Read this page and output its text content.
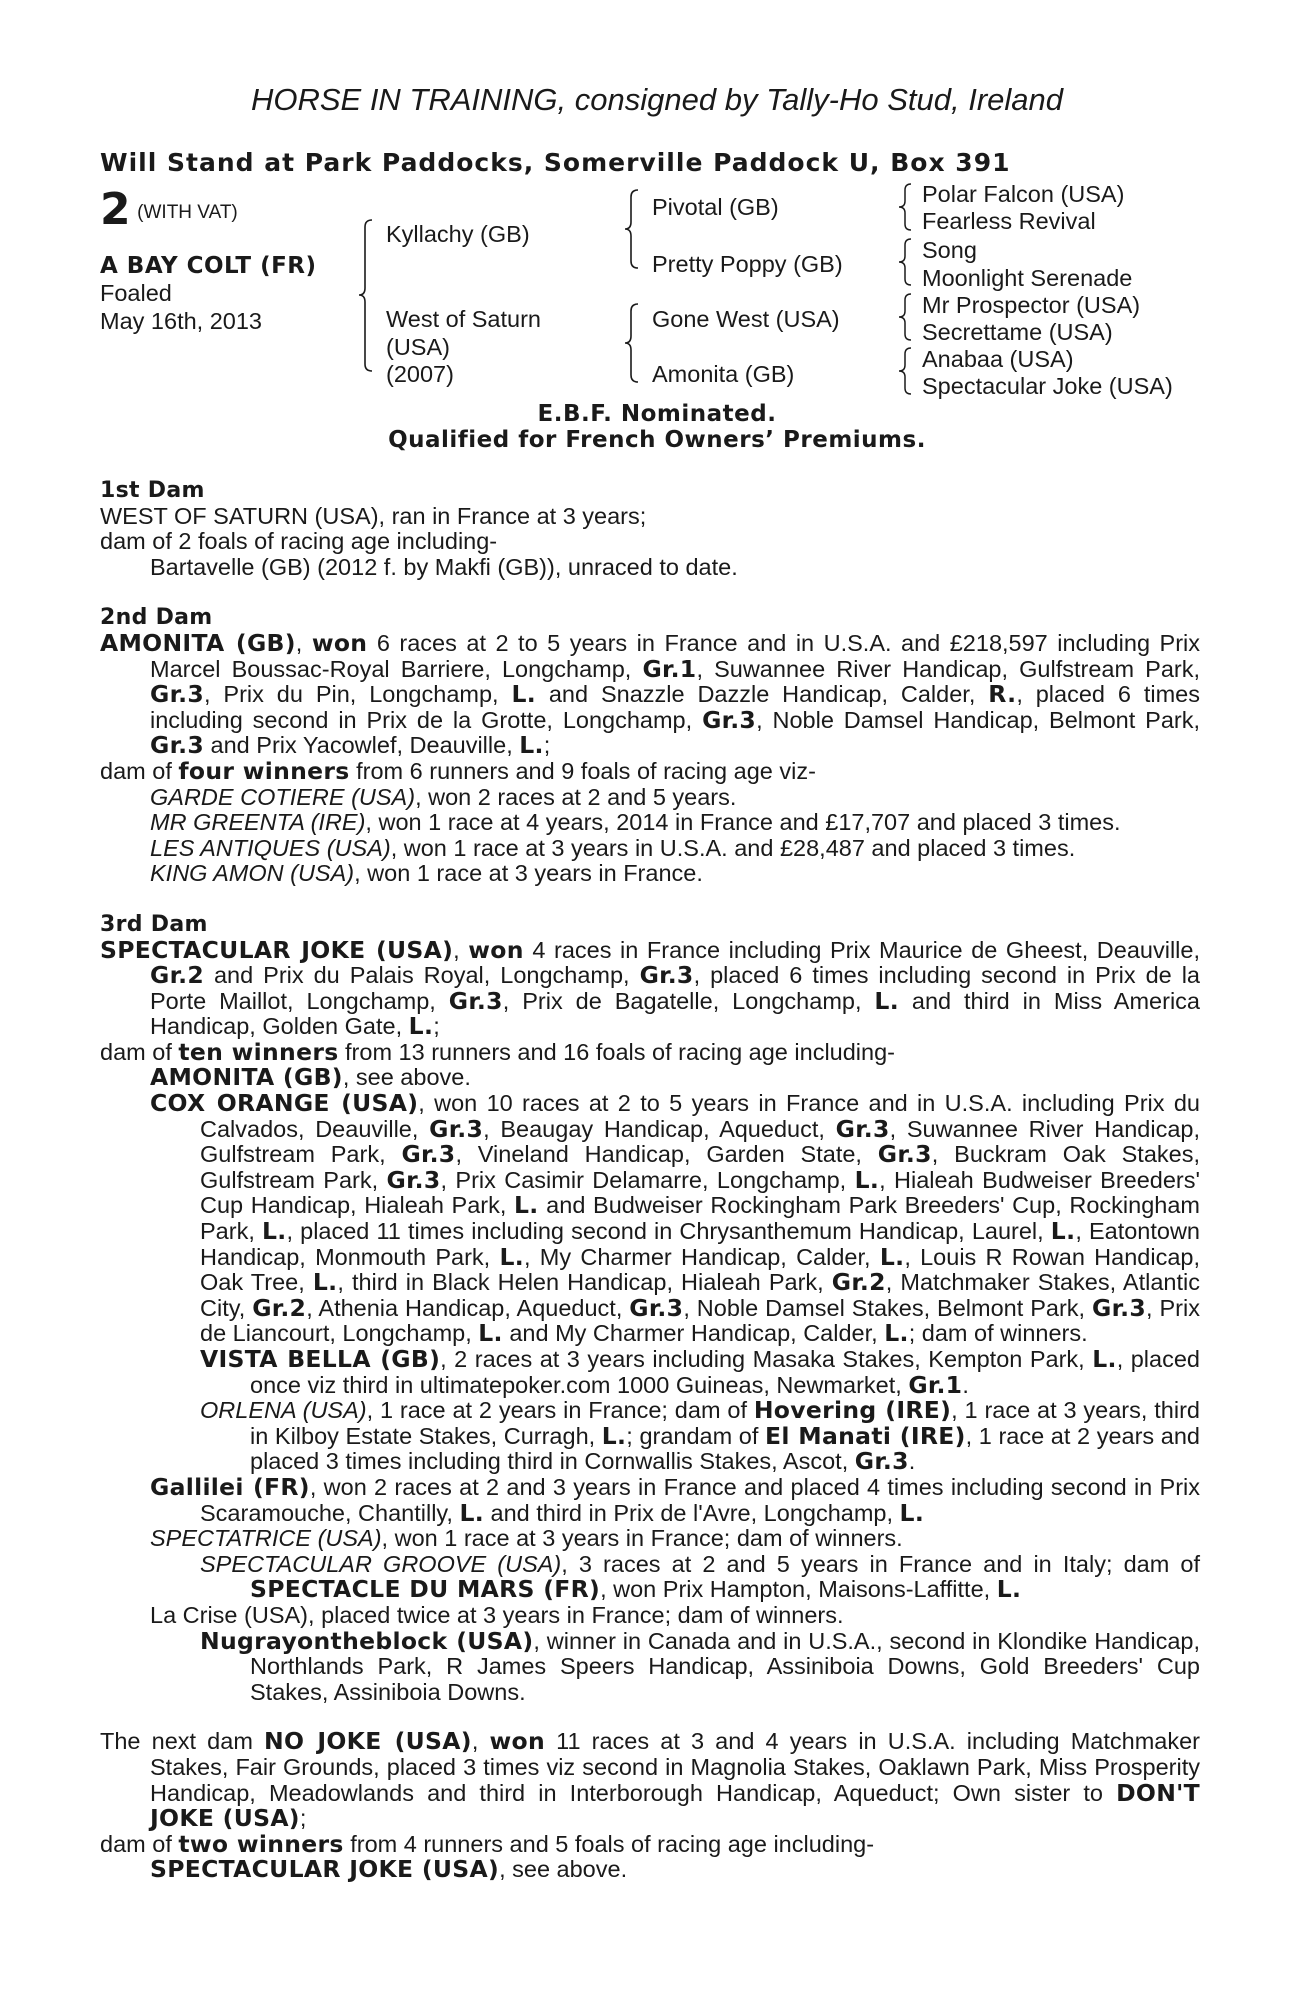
HORSE IN TRAINING, consigned by Tally-Ho Stud, Ireland
Will Stand at Park Paddocks, Somerville Paddock U, Box 391
2 $^{(WITH VAT)}$
A BAY COLT (FR)
Foaled
May 16th, 2013
Kyllachy (GB)
West of Saturn
(USA)
(2007)
Pivotal (GB)
Pretty Poppy (GB)
Gone West (USA)
Amonita (GB)
Polar Falcon (USA)
Fearless Revival
Song
Moonlight Serenade
Mr Prospector (USA)
Secrettame (USA)
Anabaa (USA)
Spectacular Joke (USA)
E.B.F. Nominated.
Qualified for French Owners’ Premiums.
1st Dam

WEST OF SATURN (USA), ran in France at 3 years;

dam of 2 foals of racing age including-

Bartavelle (GB) (2012 f. by Makfi (GB)), unraced to date.

2nd Dam

AMONITA (GB), won 6 races at 2 to 5 years in France and in U.S.A. and £218,597 including Prix Marcel Boussac-Royal Barriere, Longchamp, Gr.1, Suwannee River Handicap, Gulfstream Park, Gr.3, Prix du Pin, Longchamp, L. and Snazzle Dazzle Handicap, Calder, R., placed 6 times including second in Prix de la Grotte, Longchamp, Gr.3, Noble Damsel Handicap, Belmont Park, Gr.3 and Prix Yacowlef, Deauville, L.;

dam of four winners from 6 runners and 9 foals of racing age viz-

GARDE COTIERE (USA), won 2 races at 2 and 5 years.

MR GREENTA (IRE), won 1 race at 4 years, 2014 in France and £17,707 and placed 3 times.

LES ANTIQUES (USA), won 1 race at 3 years in U.S.A. and £28,487 and placed 3 times.

KING AMON (USA), won 1 race at 3 years in France.

3rd Dam

SPECTACULAR JOKE (USA), won 4 races in France including Prix Maurice de Gheest, Deauville, Gr.2 and Prix du Palais Royal, Longchamp, Gr.3, placed 6 times including second in Prix de la Porte Maillot, Longchamp, Gr.3, Prix de Bagatelle, Longchamp, L. and third in Miss America Handicap, Golden Gate, L.;

dam of ten winners from 13 runners and 16 foals of racing age including-

AMONITA (GB), see above.

COX ORANGE (USA), won 10 races at 2 to 5 years in France and in U.S.A. including Prix du Calvados, Deauville, Gr.3, Beaugay Handicap, Aqueduct, Gr.3, Suwannee River Handicap, Gulfstream Park, Gr.3, Vineland Handicap, Garden State, Gr.3, Buckram Oak Stakes, Gulfstream Park, Gr.3, Prix Casimir Delamarre, Longchamp, L., Hialeah Budweiser Breeders' Cup Handicap, Hialeah Park, L. and Budweiser Rockingham Park Breeders' Cup, Rockingham Park, L., placed 11 times including second in Chrysanthemum Handicap, Laurel, L., Eatontown Handicap, Monmouth Park, L., My Charmer Handicap, Calder, L., Louis R Rowan Handicap, Oak Tree, L., third in Black Helen Handicap, Hialeah Park, Gr.2, Matchmaker Stakes, Atlantic City, Gr.2, Athenia Handicap, Aqueduct, Gr.3, Noble Damsel Stakes, Belmont Park, Gr.3, Prix de Liancourt, Longchamp, L. and My Charmer Handicap, Calder, L.; dam of winners.

VISTA BELLA (GB), 2 races at 3 years including Masaka Stakes, Kempton Park, L., placed once viz third in ultimatepoker.com 1000 Guineas, Newmarket, Gr.1.

ORLENA (USA), 1 race at 2 years in France; dam of Hovering (IRE), 1 race at 3 years, third in Kilboy Estate Stakes, Curragh, L.; grandam of El Manati (IRE), 1 race at 2 years and placed 3 times including third in Cornwallis Stakes, Ascot, Gr.3.

Gallilei (FR), won 2 races at 2 and 3 years in France and placed 4 times including second in Prix Scaramouche, Chantilly, L. and third in Prix de l'Avre, Longchamp, L.

SPECTATRICE (USA), won 1 race at 3 years in France; dam of winners.

SPECTACULAR GROOVE (USA), 3 races at 2 and 5 years in France and in Italy; dam of SPECTACLE DU MARS (FR), won Prix Hampton, Maisons-Laffitte, L.

La Crise (USA), placed twice at 3 years in France; dam of winners.

Nugrayontheblock (USA), winner in Canada and in U.S.A., second in Klondike Handicap, Northlands Park, R James Speers Handicap, Assiniboia Downs, Gold Breeders' Cup Stakes, Assiniboia Downs.

The next dam NO JOKE (USA), won 11 races at 3 and 4 years in U.S.A. including Matchmaker Stakes, Fair Grounds, placed 3 times viz second in Magnolia Stakes, Oaklawn Park, Miss Prosperity Handicap, Meadowlands and third in Interborough Handicap, Aqueduct; Own sister to DON'T JOKE (USA);

dam of two winners from 4 runners and 5 foals of racing age including-

SPECTACULAR JOKE (USA), see above.
